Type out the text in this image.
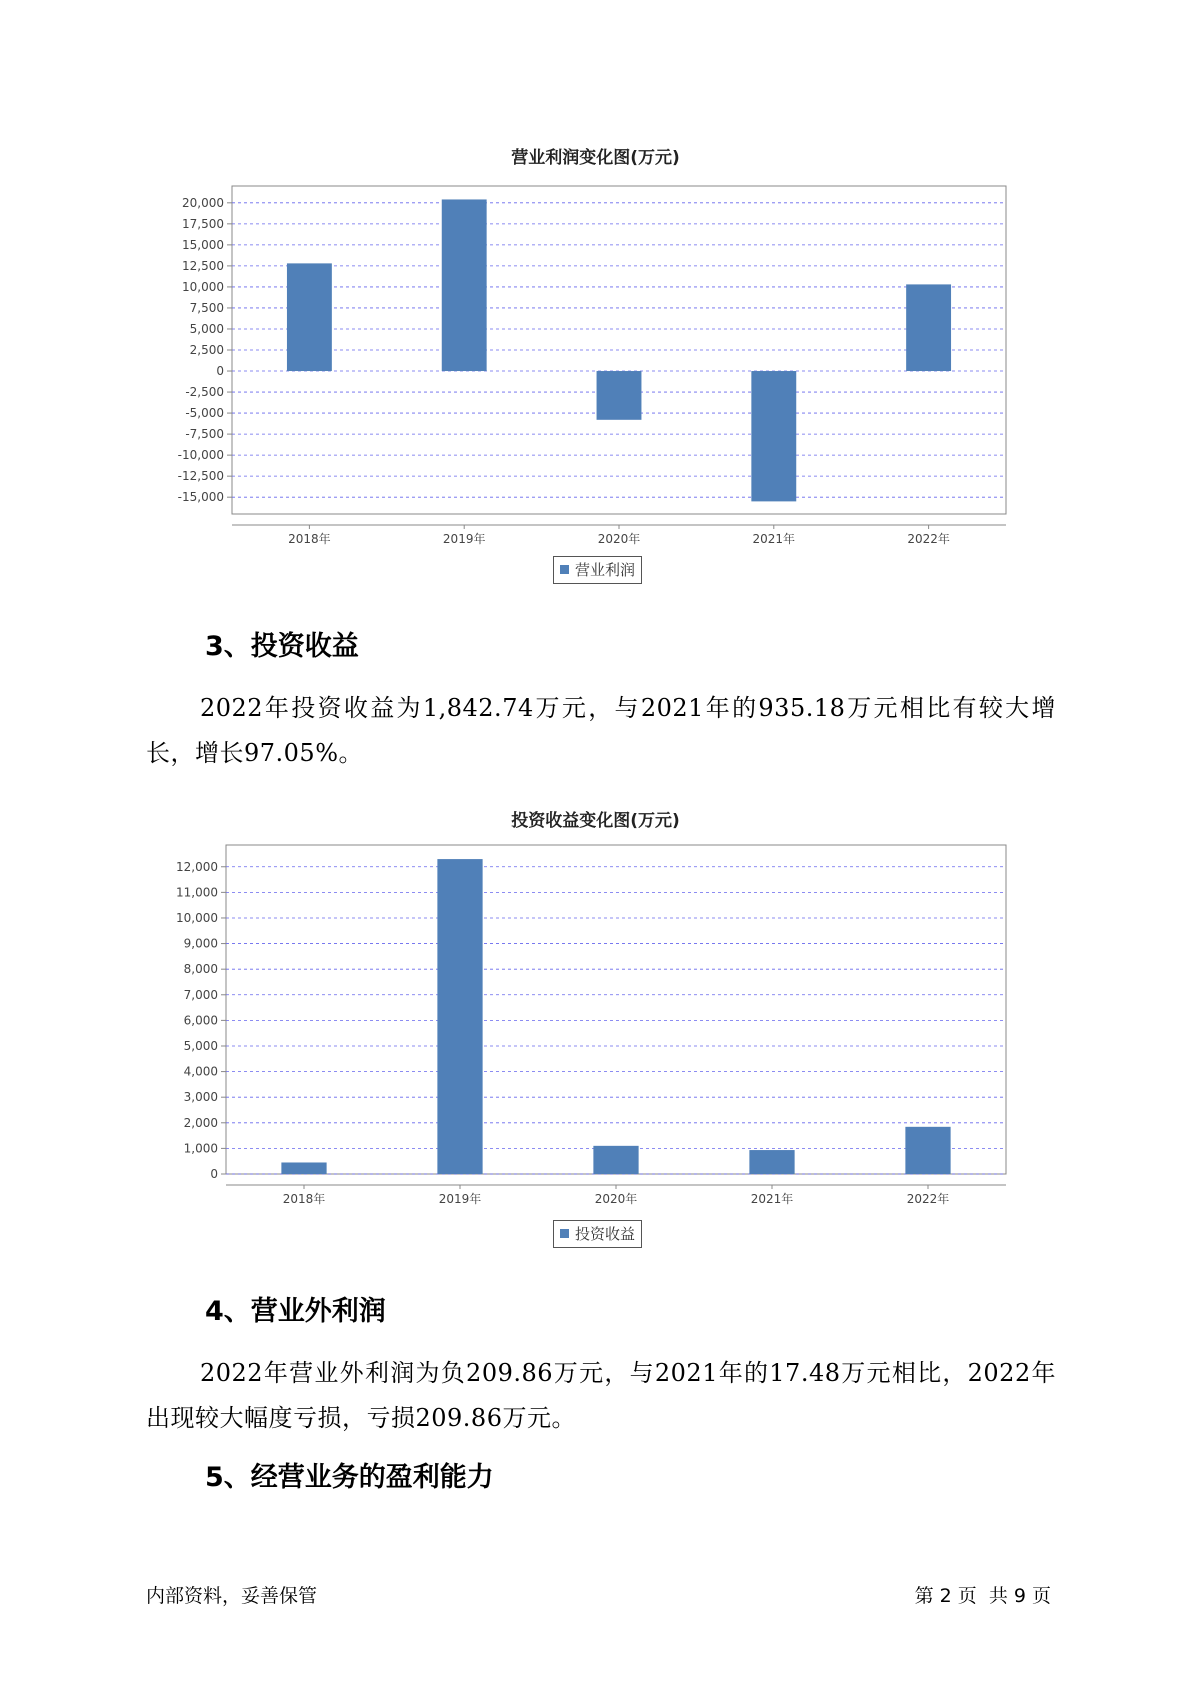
营业利润变化图(万元)
20,000
17,500
15,000
12,500
10,000
7,500
5,000
2,500
0
-2,500
-5,000
-7,500
-10,000
-12,500
-15,000
2018年	2019年	2020年	2021年	2022年
营业利润
3、投资收益
2022年投资收益为1,842.74万元，与2021年的935.18万元相比有较大增长，增长97.05%。
投资收益变化图(万元)
12,000
11,000
10,000
9,000
8,000
7,000
6,000
5,000
4,000
3,000
2,000
1,000
0
2018年	2019年	2020年	2021年	2022年
投资收益
4、营业外利润
2022年营业外利润为负209.86万元，与2021年的17.48万元相比，2022年出现较大幅度亏损，亏损209.86万元。
5、经营业务的盈利能力
内部资料，妥善保管	第 2 页  共 9 页
